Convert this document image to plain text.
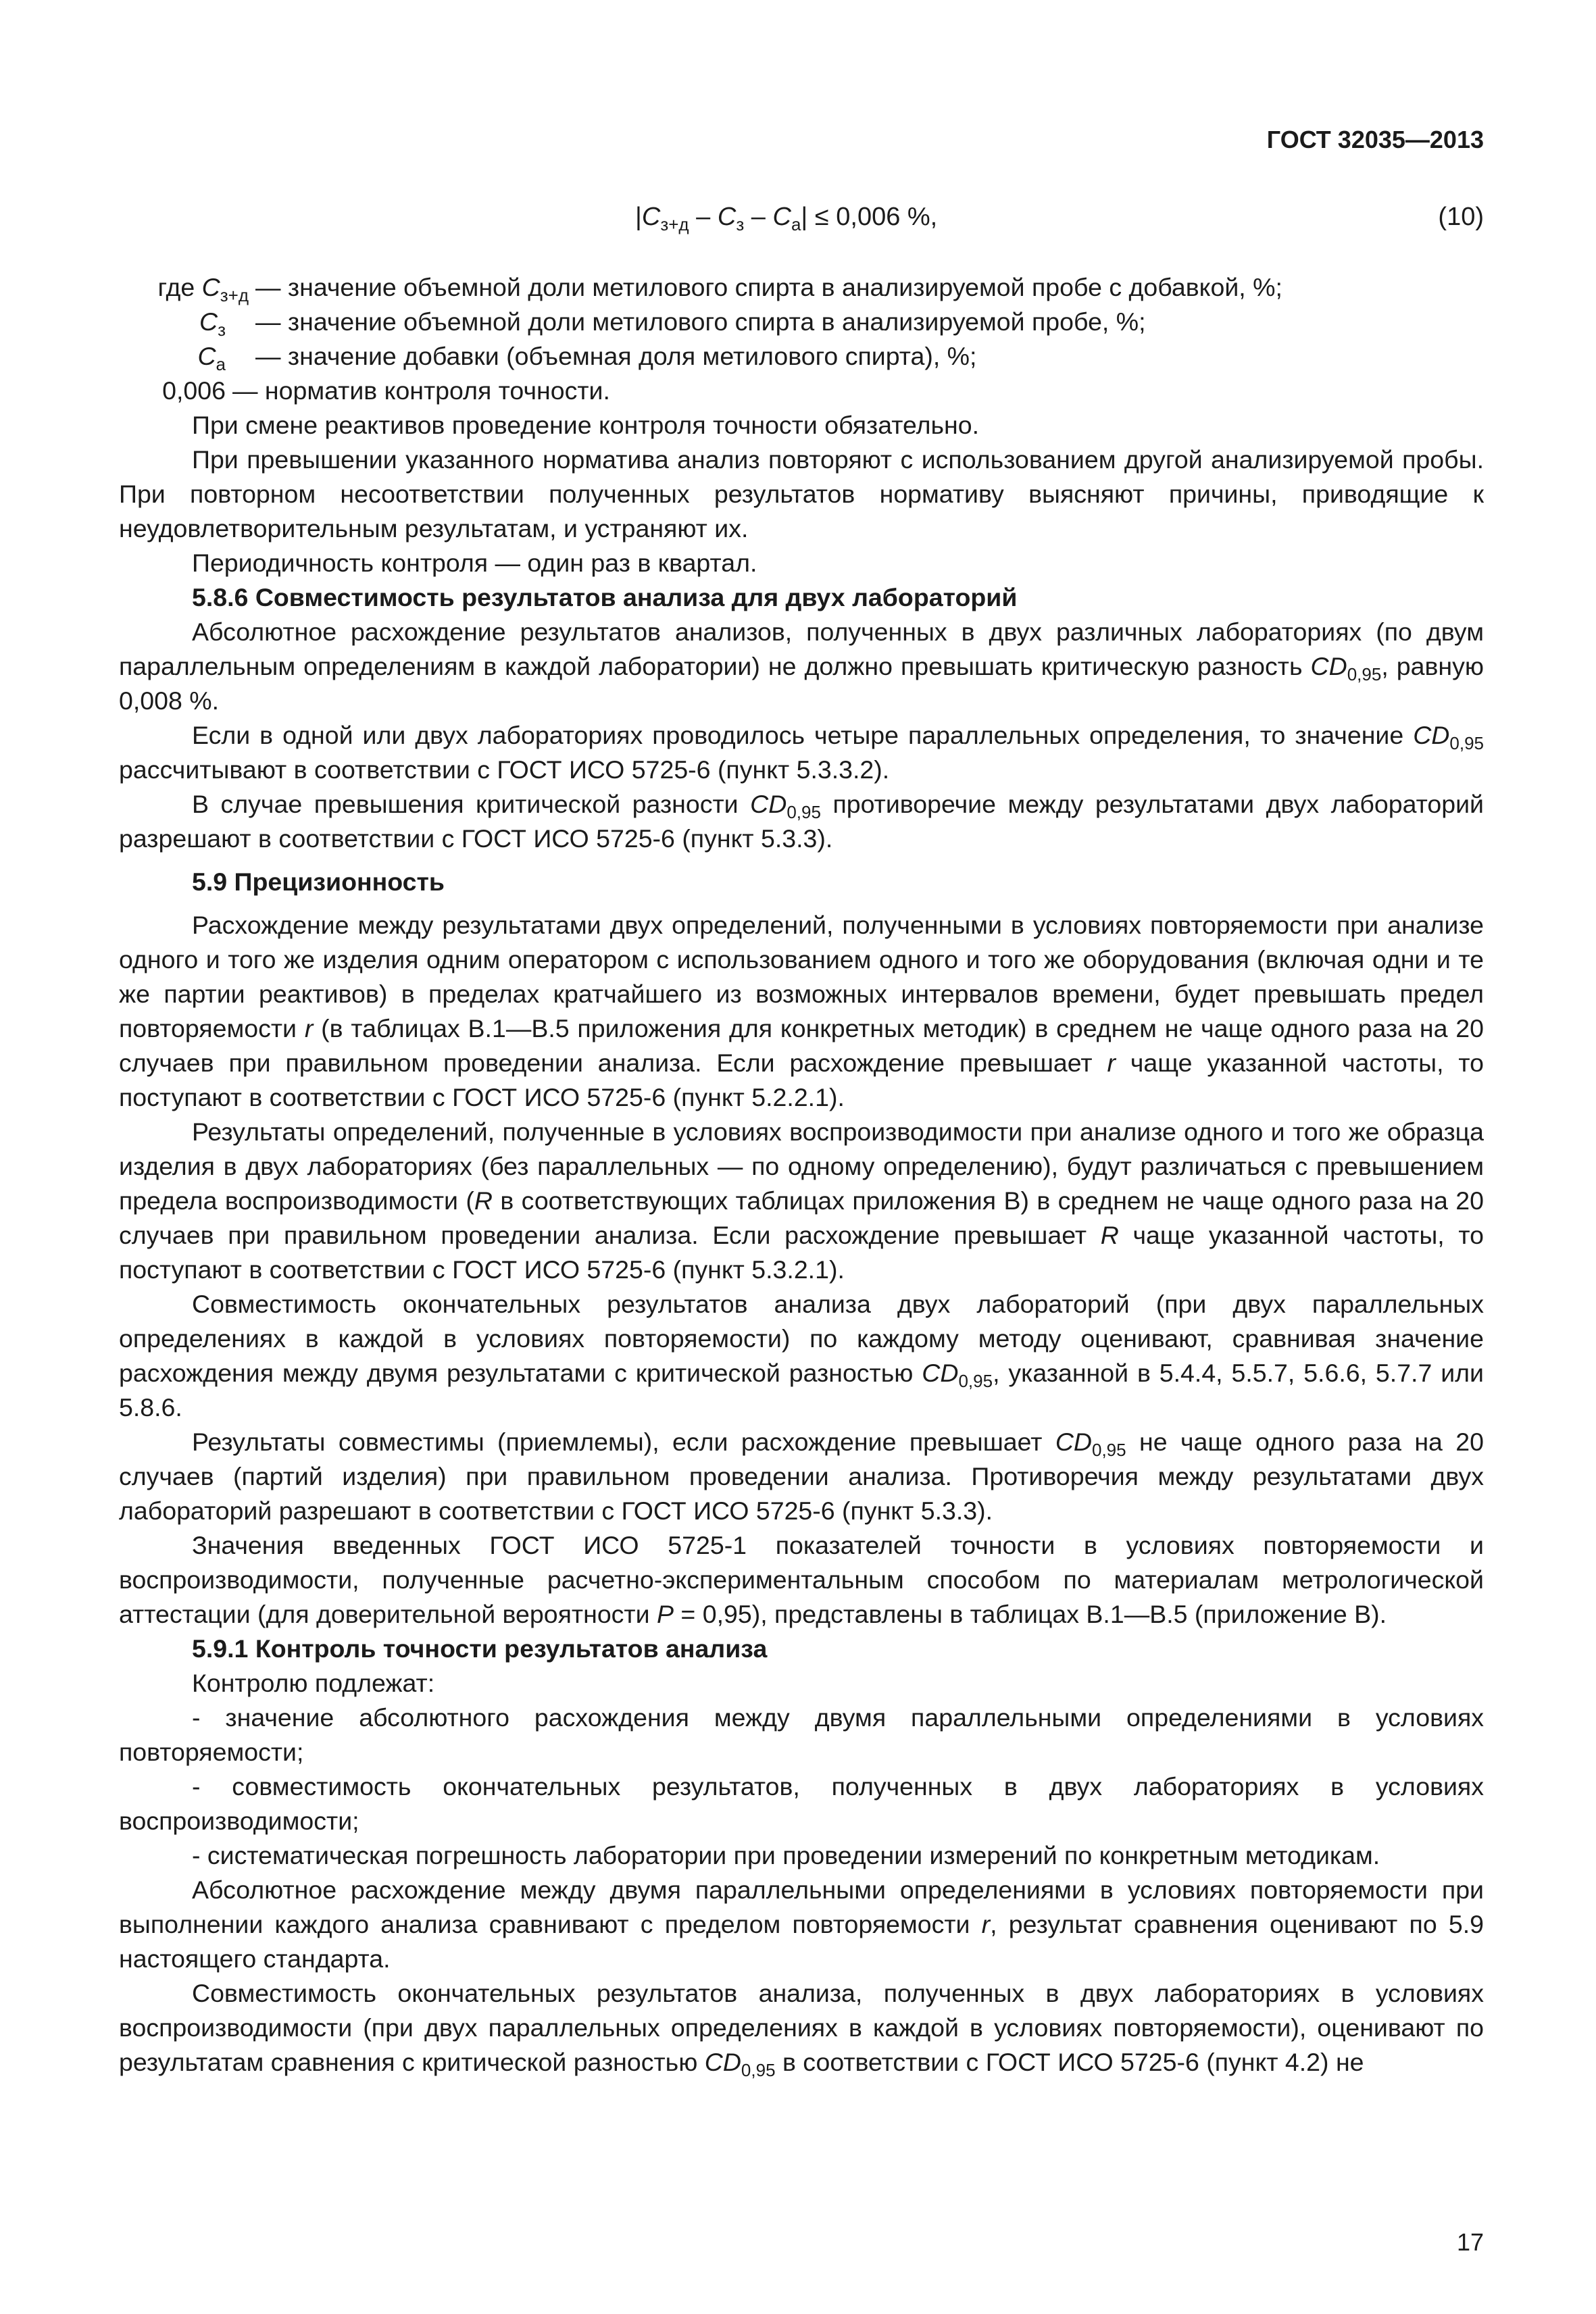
ГОСТ 32035—2013
$|C_{з+д} - C_з - C_а| \le 0,006$ %,	(10)
где $C_{з+д}$ — значение объемной доли метилового спирта в анализируемой пробе с добавкой, %;
$C_з$	— значение объемной доли метилового спирта в анализируемой пробе, %;
$C_а$	— значение добавки (объемная доля метилового спирта), %;
0,006 — норматив контроля точности.

При смене реактивов проведение контроля точности обязательно.

При превышении указанного норматива анализ повторяют с использованием другой анализируемой пробы. При повторном несоответствии полученных результатов нормативу выясняют причины, приводящие к неудовлетворительным результатам, и устраняют их.

Периодичность контроля — один раз в квартал.

5.8.6 Совместимость результатов анализа для двух лабораторий

Абсолютное расхождение результатов анализов, полученных в двух различных лабораториях (по двум параллельным определениям в каждой лаборатории) не должно превышать критическую разность $CD_{0,95}$, равную 0,008 %.

Если в одной или двух лабораториях проводилось четыре параллельных определения, то значение $CD_{0,95}$ рассчитывают в соответствии с ГОСТ ИСО 5725-6 (пункт 5.3.3.2).

В случае превышения критической разности $CD_{0,95}$ противоречие между результатами двух лабораторий разрешают в соответствии с ГОСТ ИСО 5725-6 (пункт 5.3.3).

5.9 Прецизионность

Расхождение между результатами двух определений, полученными в условиях повторяемости при анализе одного и того же изделия одним оператором с использованием одного и того же оборудования (включая одни и те же партии реактивов) в пределах кратчайшего из возможных интервалов времени, будет превышать предел повторяемости r (в таблицах В.1—В.5 приложения для конкретных методик) в среднем не чаще одного раза на 20 случаев при правильном проведении анализа. Если расхождение превышает r чаще указанной частоты, то поступают в соответствии с ГОСТ ИСО 5725-6 (пункт 5.2.2.1).

Результаты определений, полученные в условиях воспроизводимости при анализе одного и того же образца изделия в двух лабораториях (без параллельных — по одному определению), будут различаться с превышением предела воспроизводимости (R в соответствующих таблицах приложения В) в среднем не чаще одного раза на 20 случаев при правильном проведении анализа. Если расхождение превышает R чаще указанной частоты, то поступают в соответствии с ГОСТ ИСО 5725-6 (пункт 5.3.2.1).

Совместимость окончательных результатов анализа двух лабораторий (при двух параллельных определениях в каждой в условиях повторяемости) по каждому методу оценивают, сравнивая значение расхождения между двумя результатами с критической разностью $CD_{0,95}$, указанной в 5.4.4, 5.5.7, 5.6.6, 5.7.7 или 5.8.6.

Результаты совместимы (приемлемы), если расхождение превышает $CD_{0,95}$ не чаще одного раза на 20 случаев (партий изделия) при правильном проведении анализа. Противоречия между результатами двух лабораторий разрешают в соответствии с ГОСТ ИСО 5725-6 (пункт 5.3.3).

Значения введенных ГОСТ ИСО 5725-1 показателей точности в условиях повторяемости и воспроизводимости, полученные расчетно-экспериментальным способом по материалам метрологической аттестации (для доверительной вероятности P = 0,95), представлены в таблицах В.1—В.5 (приложение В).

5.9.1 Контроль точности результатов анализа

Контролю подлежат:

- значение абсолютного расхождения между двумя параллельными определениями в условиях повторяемости;

- совместимость окончательных результатов, полученных в двух лабораториях в условиях воспроизводимости;

- систематическая погрешность лаборатории при проведении измерений по конкретным методикам.

Абсолютное расхождение между двумя параллельными определениями в условиях повторяемости при выполнении каждого анализа сравнивают с пределом повторяемости r, результат сравнения оценивают по 5.9 настоящего стандарта.

Совместимость окончательных результатов анализа, полученных в двух лабораториях в условиях воспроизводимости (при двух параллельных определениях в каждой в условиях повторяемости), оценивают по результатам сравнения с критической разностью $CD_{0,95}$ в соответствии с ГОСТ ИСО 5725-6 (пункт 4.2) не

17
